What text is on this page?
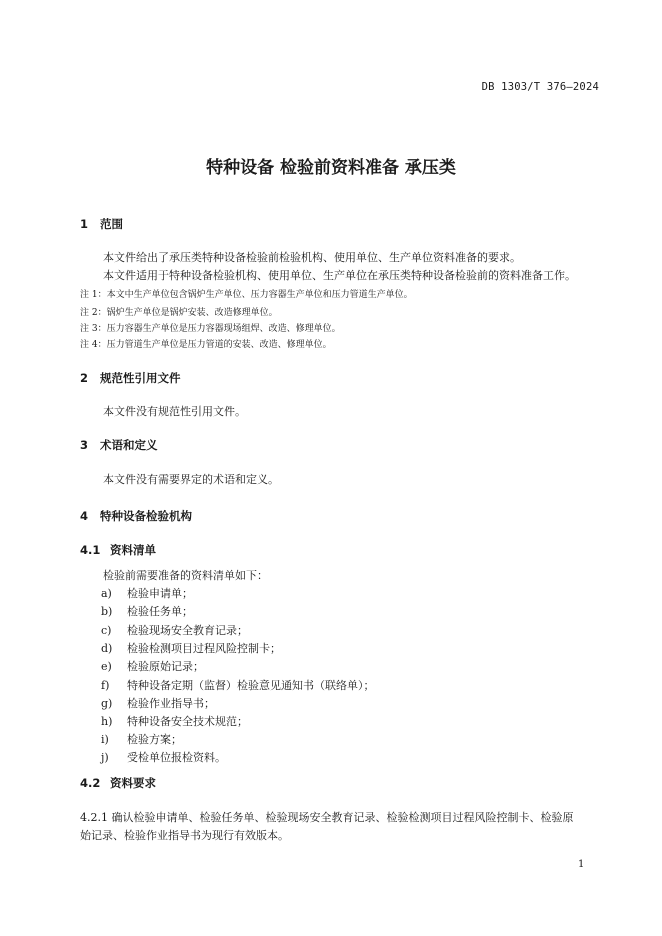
DB 1303/T 376—2024
特种设备 检验前资料准备 承压类
1 范围
本文件给出了承压类特种设备检验前检验机构、使用单位、生产单位资料准备的要求。
本文件适用于特种设备检验机构、使用单位、生产单位在承压类特种设备检验前的资料准备工作。
注 1：本文中生产单位包含锅炉生产单位、压力容器生产单位和压力管道生产单位。
注 2：锅炉生产单位是锅炉安装、改造修理单位。
注 3：压力容器生产单位是压力容器现场组焊、改造、修理单位。
注 4：压力管道生产单位是压力管道的安装、改造、修理单位。
2 规范性引用文件
本文件没有规范性引用文件。
3 术语和定义
本文件没有需要界定的术语和定义。
4 特种设备检验机构
4.1 资料清单
检验前需要准备的资料清单如下：
a) 检验申请单；
b) 检验任务单；
c) 检验现场安全教育记录；
d) 检验检测项目过程风险控制卡；
e) 检验原始记录；
f) 特种设备定期（监督）检验意见通知书（联络单）；
g) 检验作业指导书；
h) 特种设备安全技术规范；
i) 检验方案；
j) 受检单位报检资料。
4.2 资料要求
4.2.1 确认检验申请单、检验任务单、检验现场安全教育记录、检验检测项目过程风险控制卡、检验原
始记录、检验作业指导书为现行有效版本。
1
